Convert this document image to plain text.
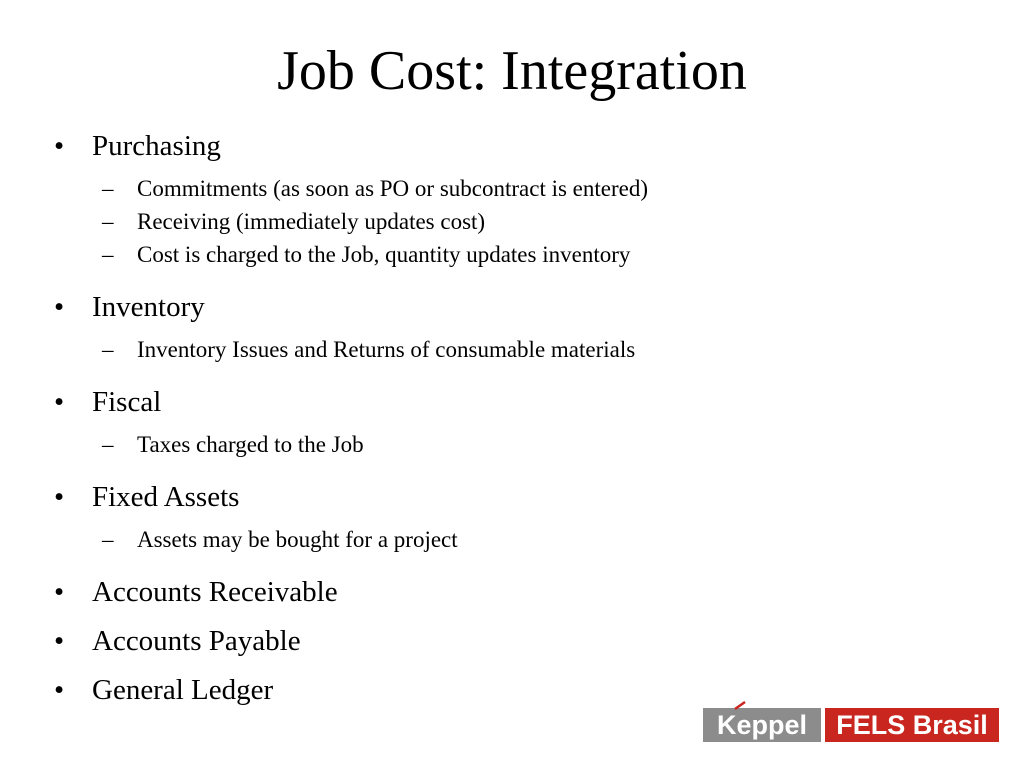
Job Cost: Integration
• Purchasing
– Commitments (as soon as PO or subcontract is entered)
– Receiving (immediately updates cost)
– Cost is charged to the Job, quantity updates inventory
• Inventory
– Inventory Issues and Returns of consumable materials
• Fiscal
– Taxes charged to the Job
• Fixed Assets
– Assets may be bought for a project
• Accounts Receivable
• Accounts Payable
• General Ledger
Keppel	FELS Brasil
